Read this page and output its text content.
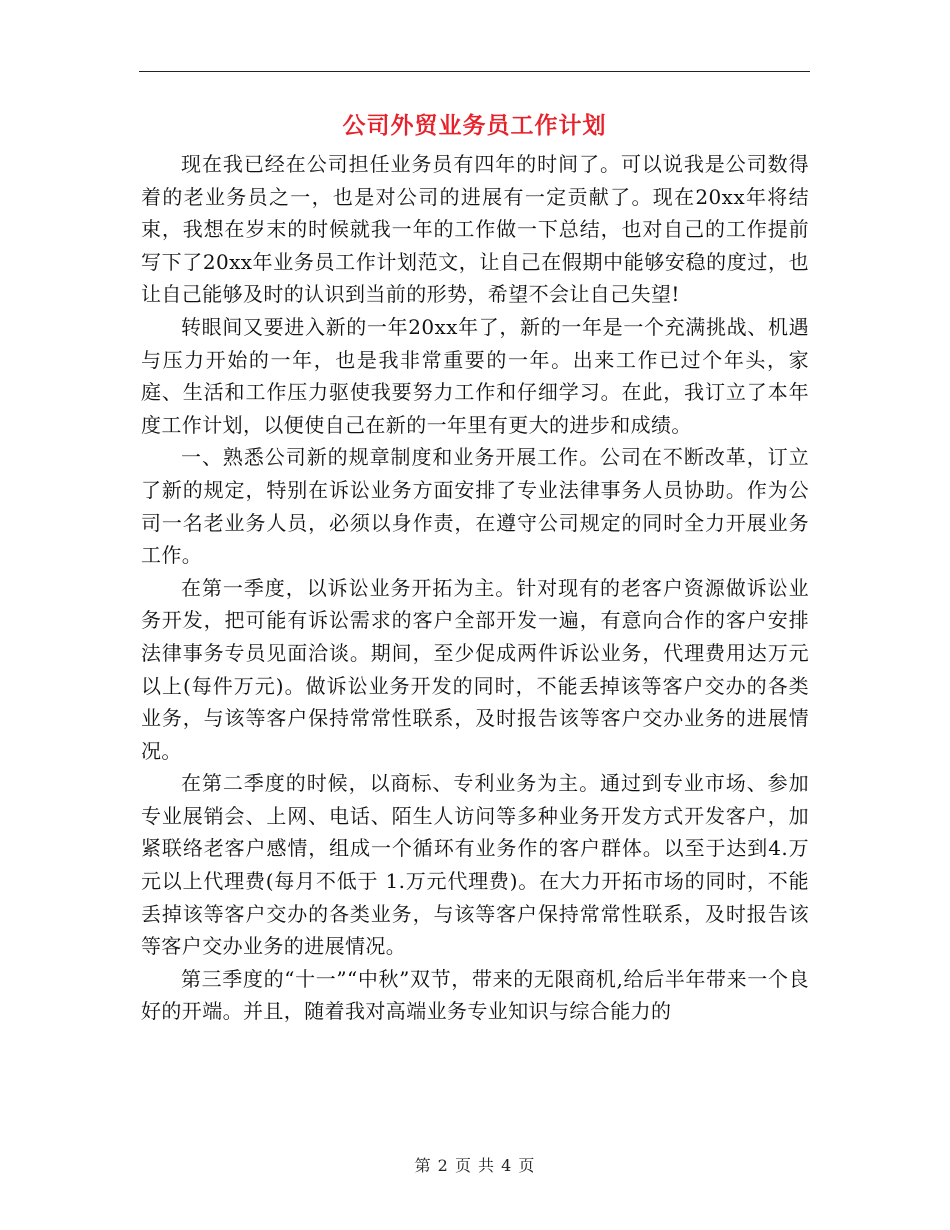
公司外贸业务员工作计划

现在我已经在公司担任业务员有四年的时间了。可以说我是公司数得着的老业务员之一，也是对公司的进展有一定贡献了。现在20xx年将结束，我想在岁末的时候就我一年的工作做一下总结，也对自己的工作提前写下了20xx年业务员工作计划范文，让自己在假期中能够安稳的度过，也让自己能够及时的认识到当前的形势，希望不会让自己失望!

转眼间又要进入新的一年20xx年了，新的一年是一个充满挑战、机遇与压力开始的一年，也是我非常重要的一年。出来工作已过个年头，家庭、生活和工作压力驱使我要努力工作和仔细学习。在此，我订立了本年度工作计划，以便使自己在新的一年里有更大的进步和成绩。

一、熟悉公司新的规章制度和业务开展工作。公司在不断改革，订立了新的规定，特别在诉讼业务方面安排了专业法律事务人员协助。作为公司一名老业务人员，必须以身作责，在遵守公司规定的同时全力开展业务工作。

在第一季度，以诉讼业务开拓为主。针对现有的老客户资源做诉讼业务开发，把可能有诉讼需求的客户全部开发一遍，有意向合作的客户安排法律事务专员见面洽谈。期间，至少促成两件诉讼业务，代理费用达万元以上(每件万元)。做诉讼业务开发的同时，不能丢掉该等客户交办的各类业务，与该等客户保持常常性联系，及时报告该等客户交办业务的进展情况。

在第二季度的时候，以商标、专利业务为主。通过到专业市场、参加专业展销会、上网、电话、陌生人访问等多种业务开发方式开发客户，加紧联络老客户感情，组成一个循环有业务作的客户群体。以至于达到4.万元以上代理费(每月不低于 1.万元代理费)。在大力开拓市场的同时，不能丢掉该等客户交办的各类业务，与该等客户保持常常性联系，及时报告该等客户交办业务的进展情况。

第三季度的“十一”“中秋”双节，带来的无限商机,给后半年带来一个良好的开端。并且，随着我对高端业务专业知识与综合能力的

第 2 页 共 4 页
